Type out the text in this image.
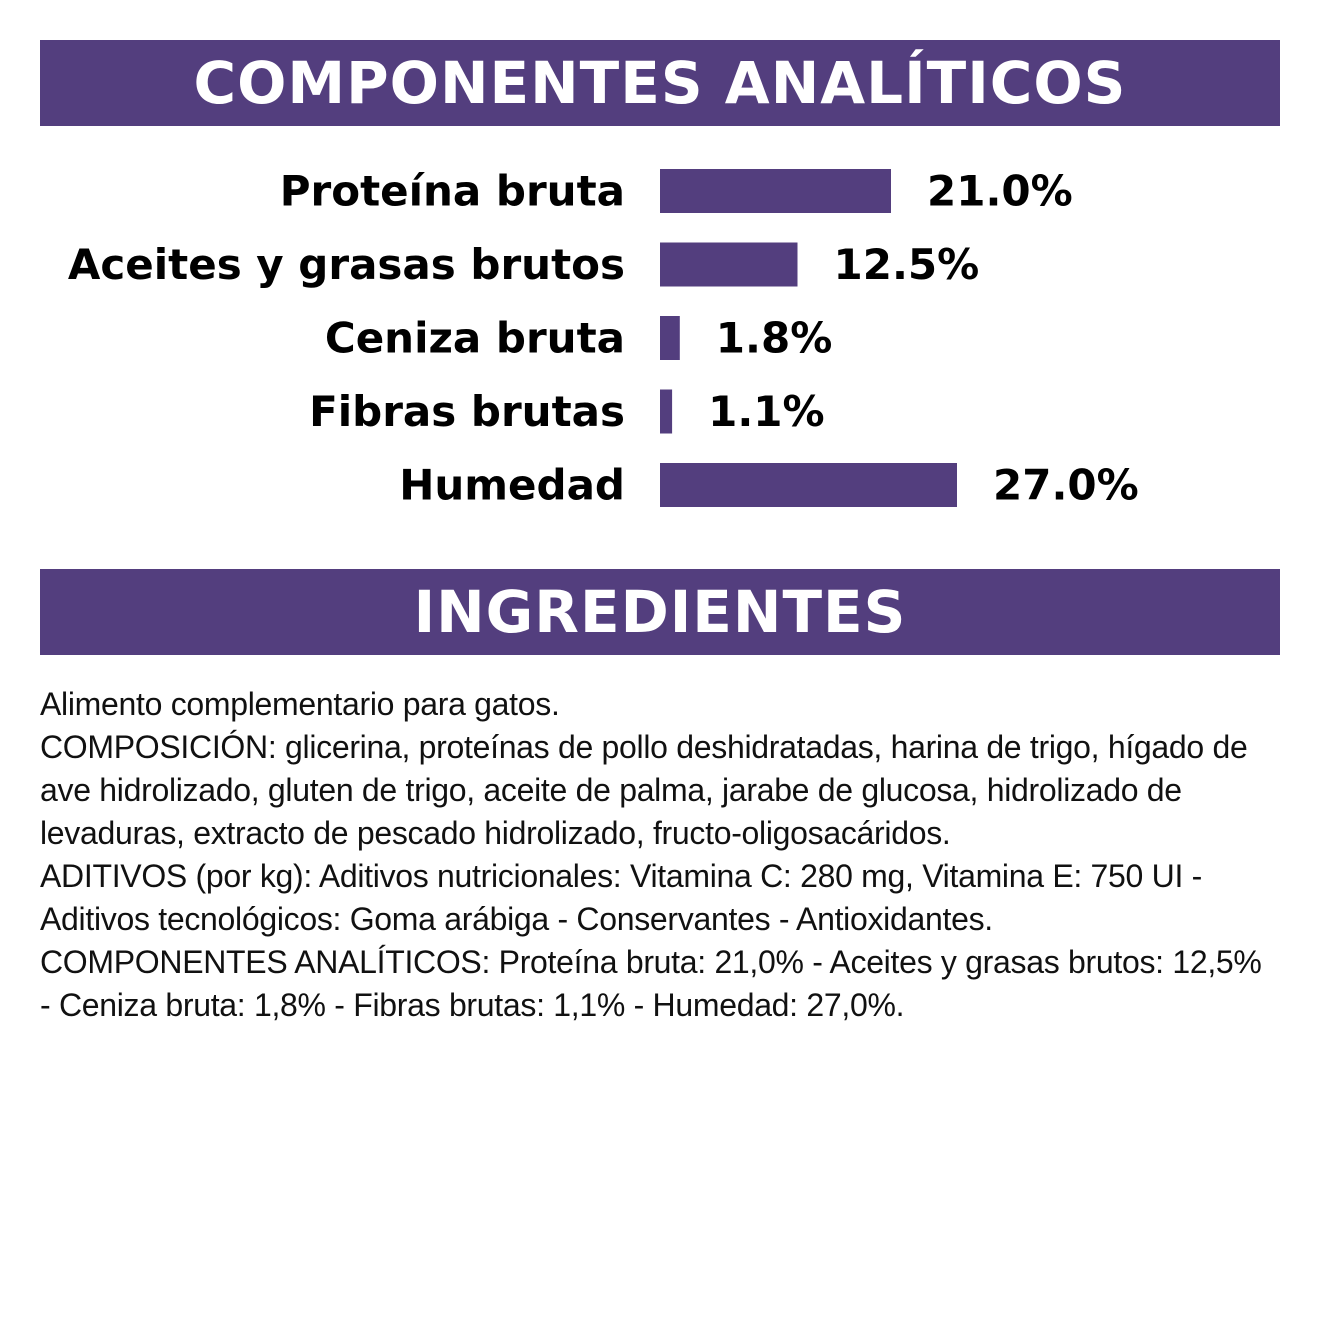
COMPONENTES ANALÍTICOS
Proteína bruta	21.0%
Aceites y grasas brutos	12.5%
Ceniza bruta 1.8%
Fibras brutas 1.1%
Humedad	27.0%
INGREDIENTES

Alimento complementario para gatos.

COMPOSICIÓN: glicerina, proteínas de pollo deshidratadas, harina de trigo, hígado de ave hidrolizado, gluten de trigo, aceite de palma, jarabe de glucosa, hidrolizado de levaduras, extracto de pescado hidrolizado, fructo-oligosacáridos.

ADITIVOS (por kg): Aditivos nutricionales: Vitamina C: 280 mg, Vitamina E: 750 UI - Aditivos tecnológicos: Goma arábiga - Conservantes - Antioxidantes.

COMPONENTES ANALÍTICOS: Proteína bruta: 21,0% - Aceites y grasas brutos: 12,5% - Ceniza bruta: 1,8% - Fibras brutas: 1,1% - Humedad: 27,0%.
